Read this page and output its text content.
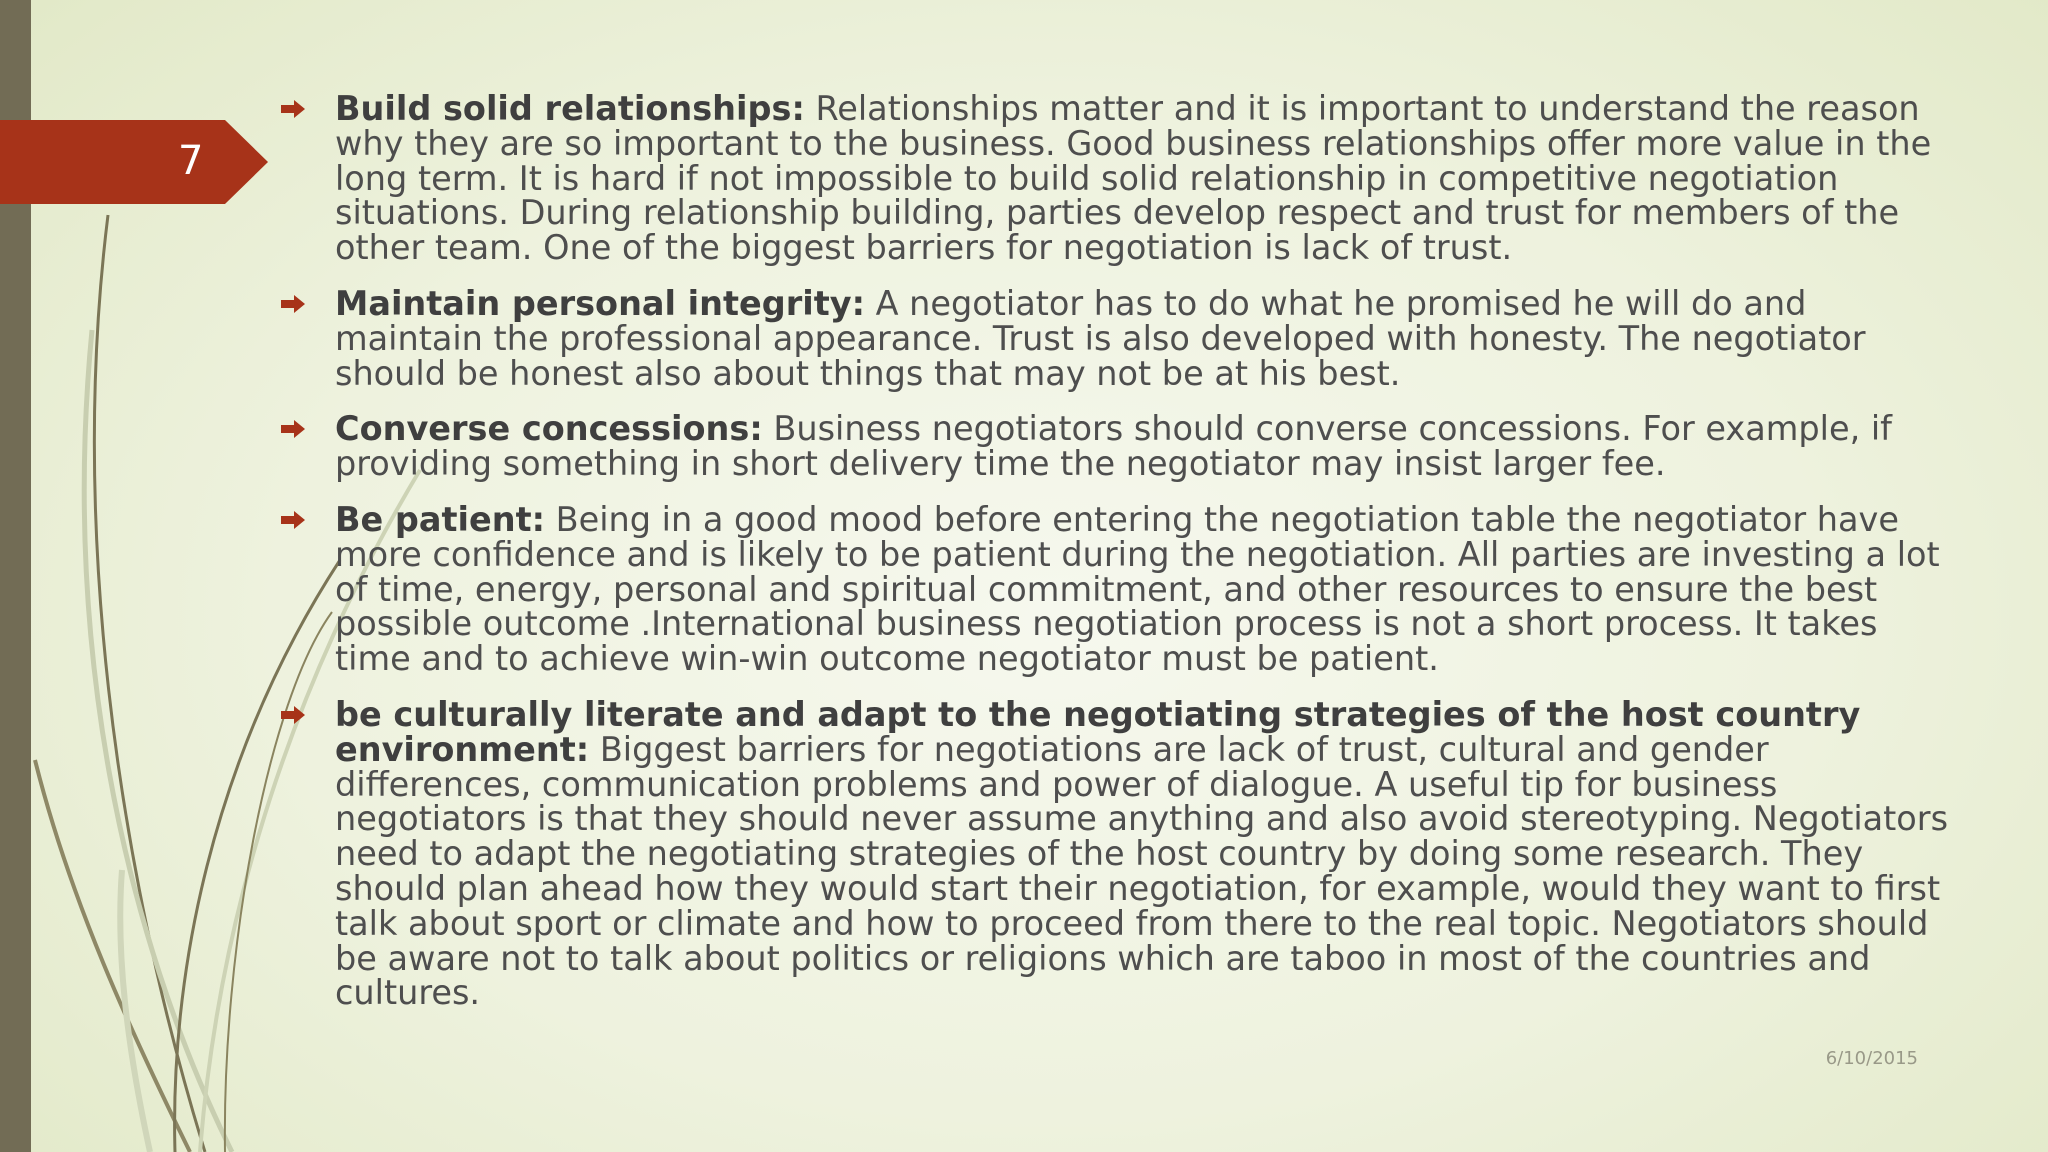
7
Build solid relationships: Relationships matter and it is important to understand the reason why they are so important to the business. Good business relationships offer more value in the long term. It is hard if not impossible to build solid relationship in competitive negotiation situations. During relationship building, parties develop respect and trust for members of the other team. One of the biggest barriers for negotiation is lack of trust.
Maintain personal integrity: A negotiator has to do what he promised he will do and maintain the professional appearance. Trust is also developed with honesty. The negotiator should be honest also about things that may not be at his best.
Converse concessions: Business negotiators should converse concessions. For example, if providing something in short delivery time the negotiator may insist larger fee.
Be patient: Being in a good mood before entering the negotiation table the negotiator have more confidence and is likely to be patient during the negotiation. All parties are investing a lot of time, energy, personal and spiritual commitment, and other resources to ensure the best possible outcome .International business negotiation process is not a short process. It takes time and to achieve win-win outcome negotiator must be patient.
be culturally literate and adapt to the negotiating strategies of the host country environment: Biggest barriers for negotiations are lack of trust, cultural and gender differences, communication problems and power of dialogue. A useful tip for business negotiators is that they should never assume anything and also avoid stereotyping. Negotiators need to adapt the negotiating strategies of the host country by doing some research. They should plan ahead how they would start their negotiation, for example, would they want to first talk about sport or climate and how to proceed from there to the real topic. Negotiators should be aware not to talk about politics or religions which are taboo in most of the countries and cultures.
6/10/2015
